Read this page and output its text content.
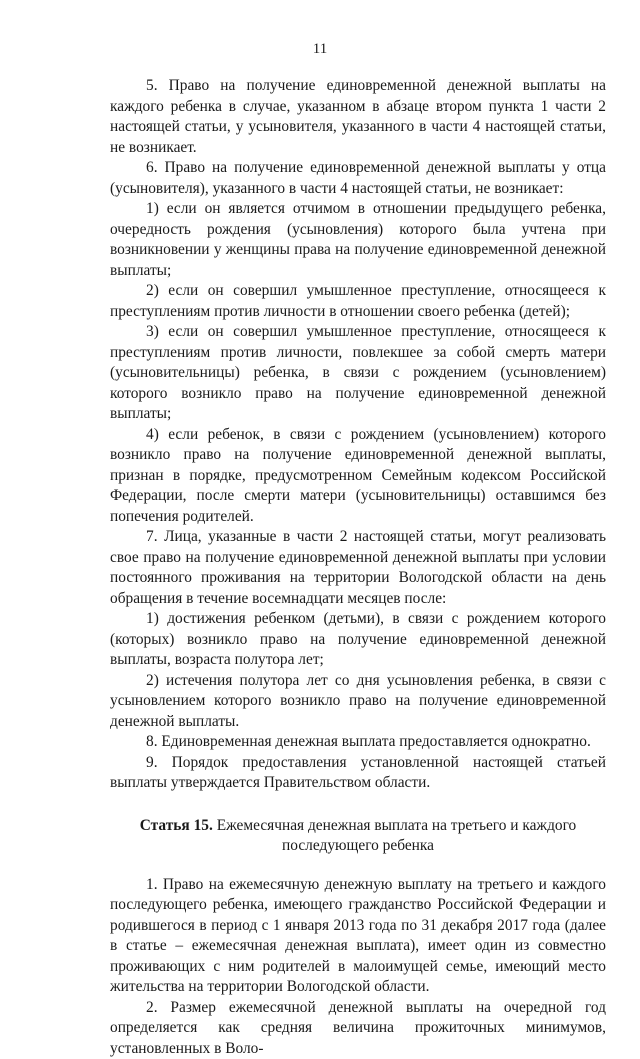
11

5. Право на получение единовременной денежной выплаты на каждого ребенка в случае, указанном в абзаце втором пункта 1 части 2 настоящей статьи, у усыновителя, указанного в части 4 настоящей статьи, не возникает.

6. Право на получение единовременной денежной выплаты у отца (усыновителя), указанного в части 4 настоящей статьи, не возникает:

1) если он является отчимом в отношении предыдущего ребенка, очередность рождения (усыновления) которого была учтена при возникновении у женщины права на получение единовременной денежной выплаты;

2) если он совершил умышленное преступление, относящееся к преступлениям против личности в отношении своего ребенка (детей);

3) если он совершил умышленное преступление, относящееся к преступлениям против личности, повлекшее за собой смерть матери (усыновительницы) ребенка, в связи с рождением (усыновлением) которого возникло право на получение единовременной денежной выплаты;

4) если ребенок, в связи с рождением (усыновлением) которого возникло право на получение единовременной денежной выплаты, признан в порядке, предусмотренном Семейным кодексом Российской Федерации, после смерти матери (усыновительницы) оставшимся без попечения родителей.

7. Лица, указанные в части 2 настоящей статьи, могут реализовать свое право на получение единовременной денежной выплаты при условии постоянного проживания на территории Вологодской области на день обращения в течение восемнадцати месяцев после:

1) достижения ребенком (детьми), в связи с рождением которого (которых) возникло право на получение единовременной денежной выплаты, возраста полутора лет;

2) истечения полутора лет со дня усыновления ребенка, в связи с усыновлением которого возникло право на получение единовременной денежной выплаты.

8. Единовременная денежная выплата предоставляется однократно.

9. Порядок предоставления установленной настоящей статьей выплаты утверждается Правительством области.

Статья 15. Ежемесячная денежная выплата на третьего и каждого
последующего ребенка

1. Право на ежемесячную денежную выплату на третьего и каждого последующего ребенка, имеющего гражданство Российской Федерации и родившегося в период с 1 января 2013 года по 31 декабря 2017 года (далее в статье – ежемесячная денежная выплата), имеет один из совместно проживающих с ним родителей в малоимущей семье, имеющий место жительства на территории Вологодской области.

2. Размер ежемесячной денежной выплаты на очередной год определяется как средняя величина прожиточных минимумов, установленных в Воло-
